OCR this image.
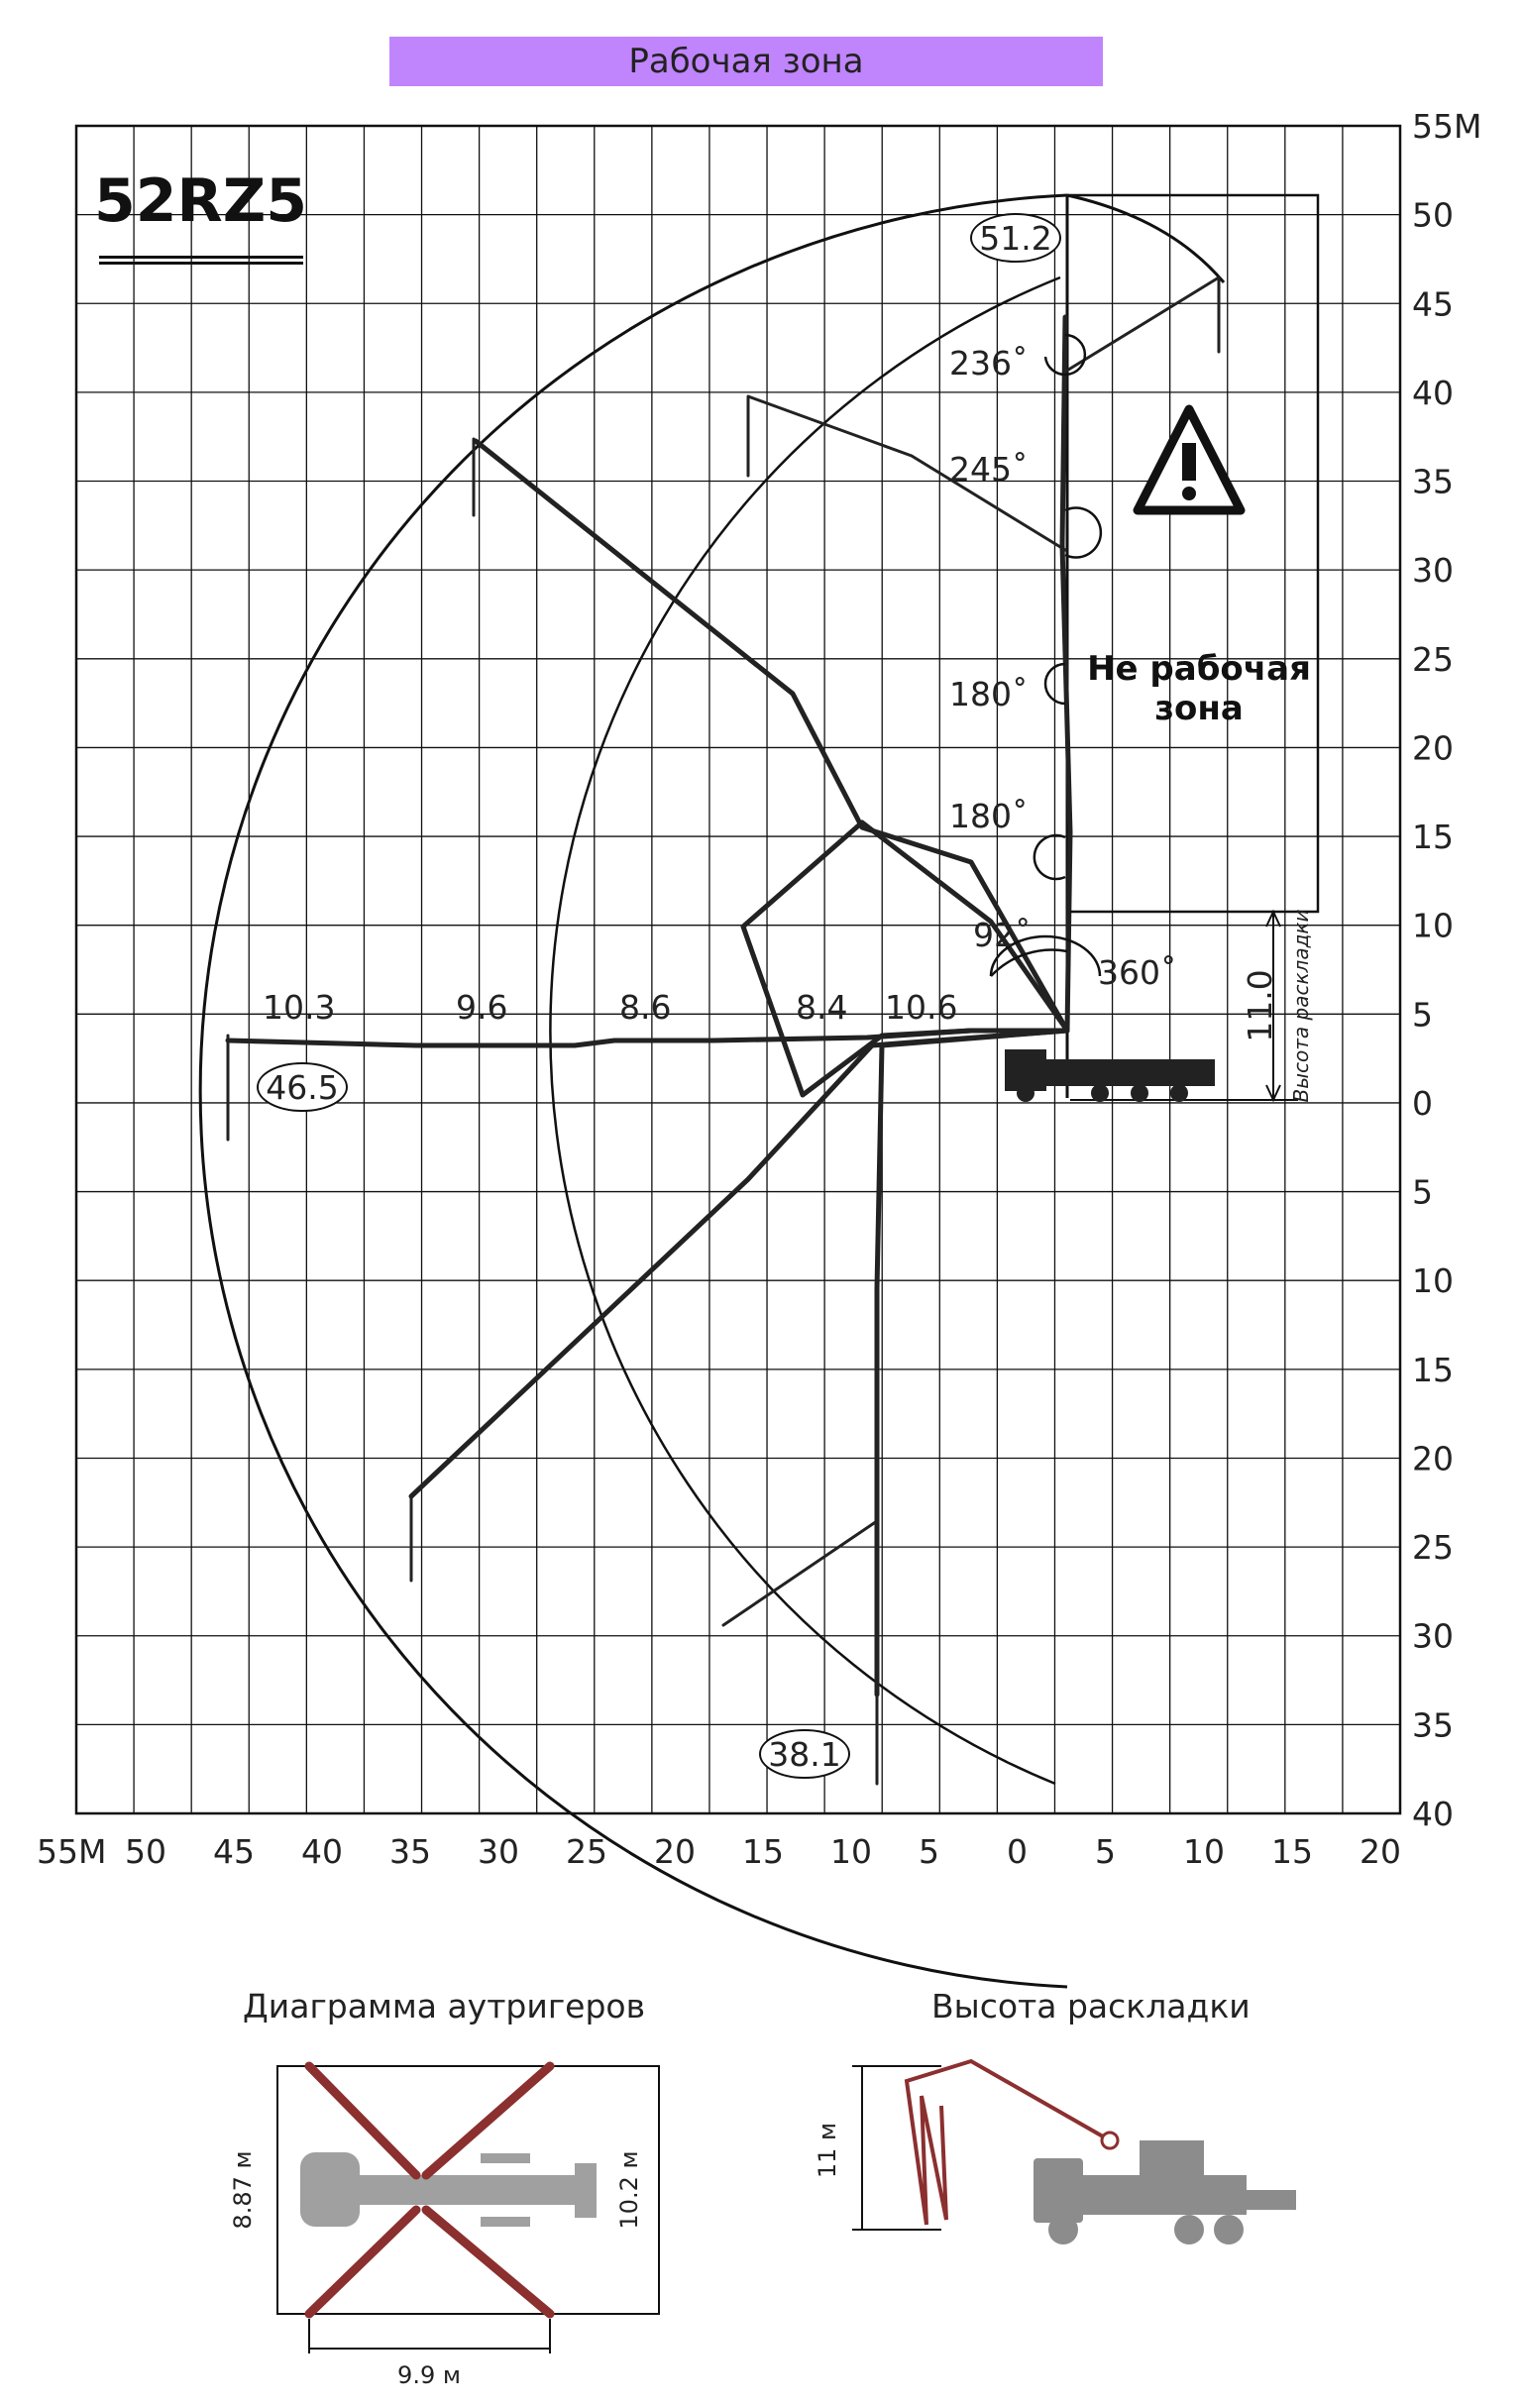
Рабочая зона
55M
50
45
40
35
30
25
20
15
10
5
0
5
10
15
20
25
30
35
40
55M 50 45 40 35 30 25 20 15 10 5 0 5 10 15 20
51.2
46.5
38.1
10.3	9.6	8.6	8.4 10.6
236˚
245˚
180˚
180˚
92˚
360˚ 11.0 Высота раскладки
8.87 м	10.2 м
9.9 м
11 м
52RZ5
Не рабочая
зона
Диаграмма аутригеров	Высота раскладки
